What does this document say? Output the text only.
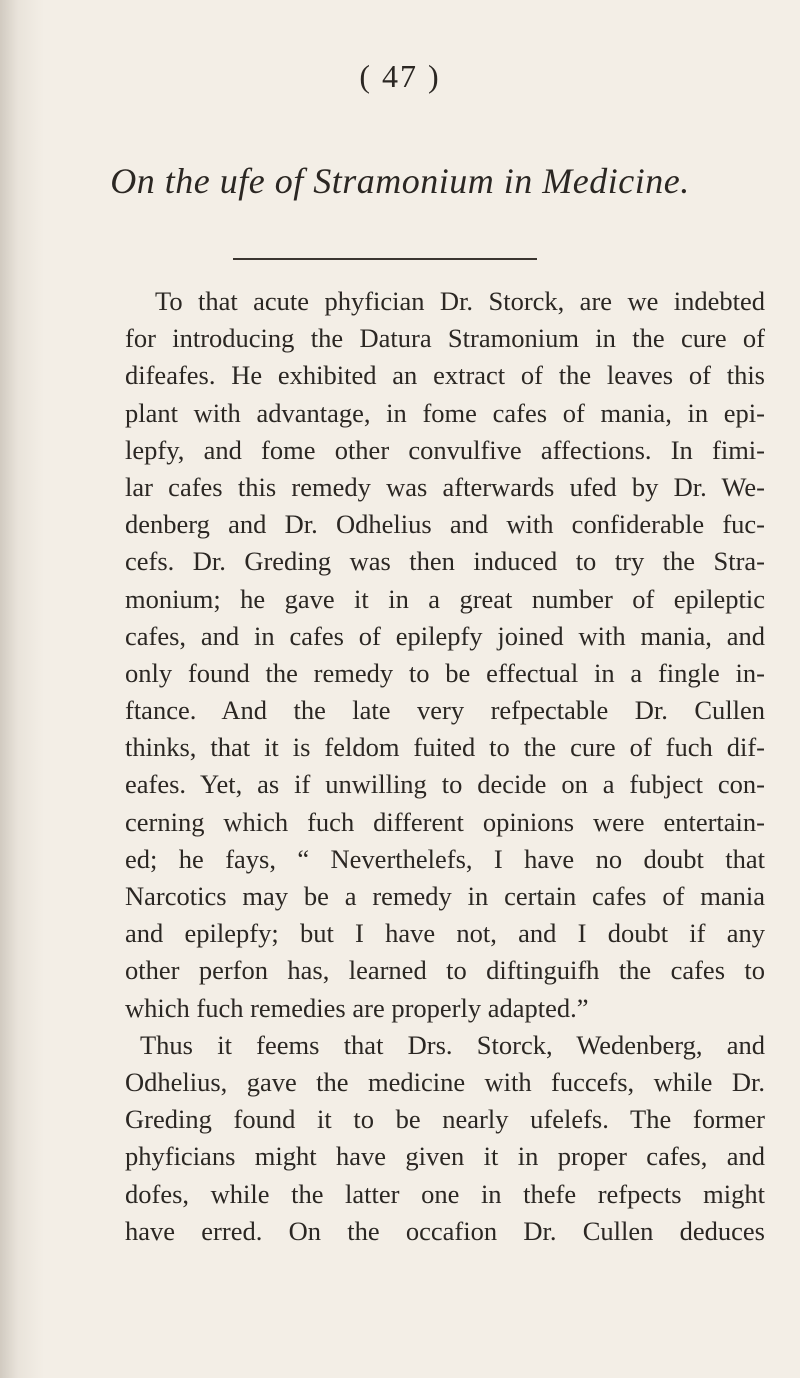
( 47 )
On the ufe of Stramonium in Medicine.
To that acute phyfician Dr. Storck, are we indebted
for introducing the Datura Stramonium in the cure of
difeafes. He exhibited an extract of the leaves of this
plant with advantage, in fome cafes of mania, in epi-
lepfy, and fome other convulfive affections. In fimi-
lar cafes this remedy was afterwards ufed by Dr. We-
denberg and Dr. Odhelius and with confiderable fuc-
cefs. Dr. Greding was then induced to try the Stra-
monium; he gave it in a great number of epileptic
cafes, and in cafes of epilepfy joined with mania, and
only found the remedy to be effectual in a fingle in-
ftance. And the late very refpectable Dr. Cullen
thinks, that it is feldom fuited to the cure of fuch dif-
eafes. Yet, as if unwilling to decide on a fubject con-
cerning which fuch different opinions were entertain-
ed; he fays, “ Neverthelefs, I have no doubt that
Narcotics may be a remedy in certain cafes of mania
and epilepfy; but I have not, and I doubt if any
other perfon has, learned to diftinguifh the cafes to
which fuch remedies are properly adapted.”
Thus it feems that Drs. Storck, Wedenberg, and
Odhelius, gave the medicine with fuccefs, while Dr.
Greding found it to be nearly ufelefs. The former
phyficians might have given it in proper cafes, and
dofes, while the latter one in thefe refpects might
have erred. On the occafion Dr. Cullen deduces
